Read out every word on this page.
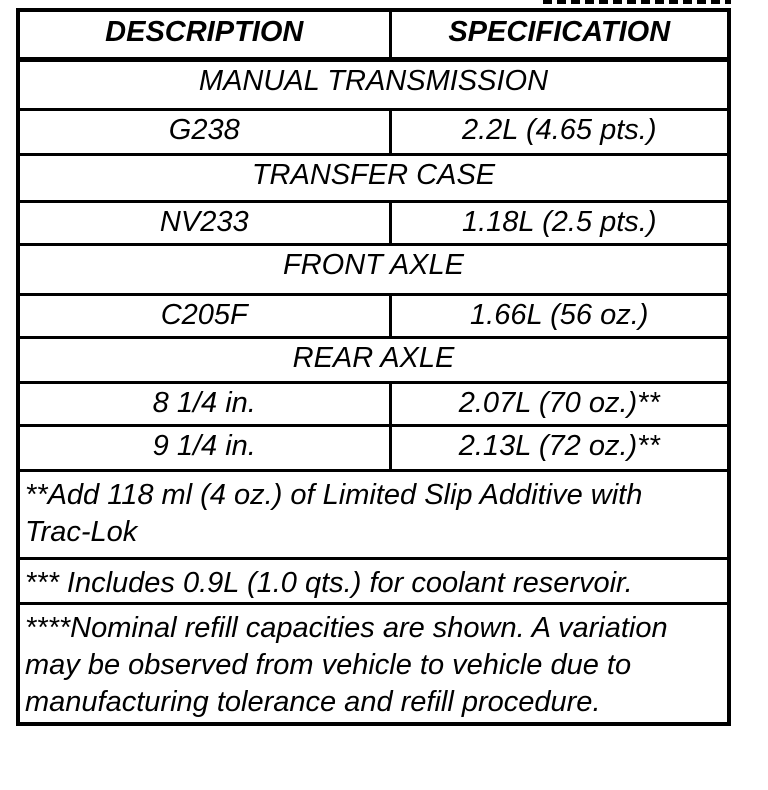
DESCRIPTION	SPECIFICATION
MANUAL TRANSMISSION	
G238	2.2L (4.65 pts.)
TRANSFER CASE	
NV233	1.18L (2.5 pts.)
FRONT AXLE	
C205F	1.66L (56 oz.)
REAR AXLE	
8 1/4 in.	2.07L (70 oz.)**
9 1/4 in.	2.13L (72 oz.)**

**Add 118 ml (4 oz.) of Limited Slip Additive with
Trac-Lok	

*** Includes 0.9L (1.0 qts.) for coolant reservoir.	

****Nominal refill capacities are shown. A variation
may be observed from vehicle to vehicle due to
manufacturing tolerance and refill procedure.	
